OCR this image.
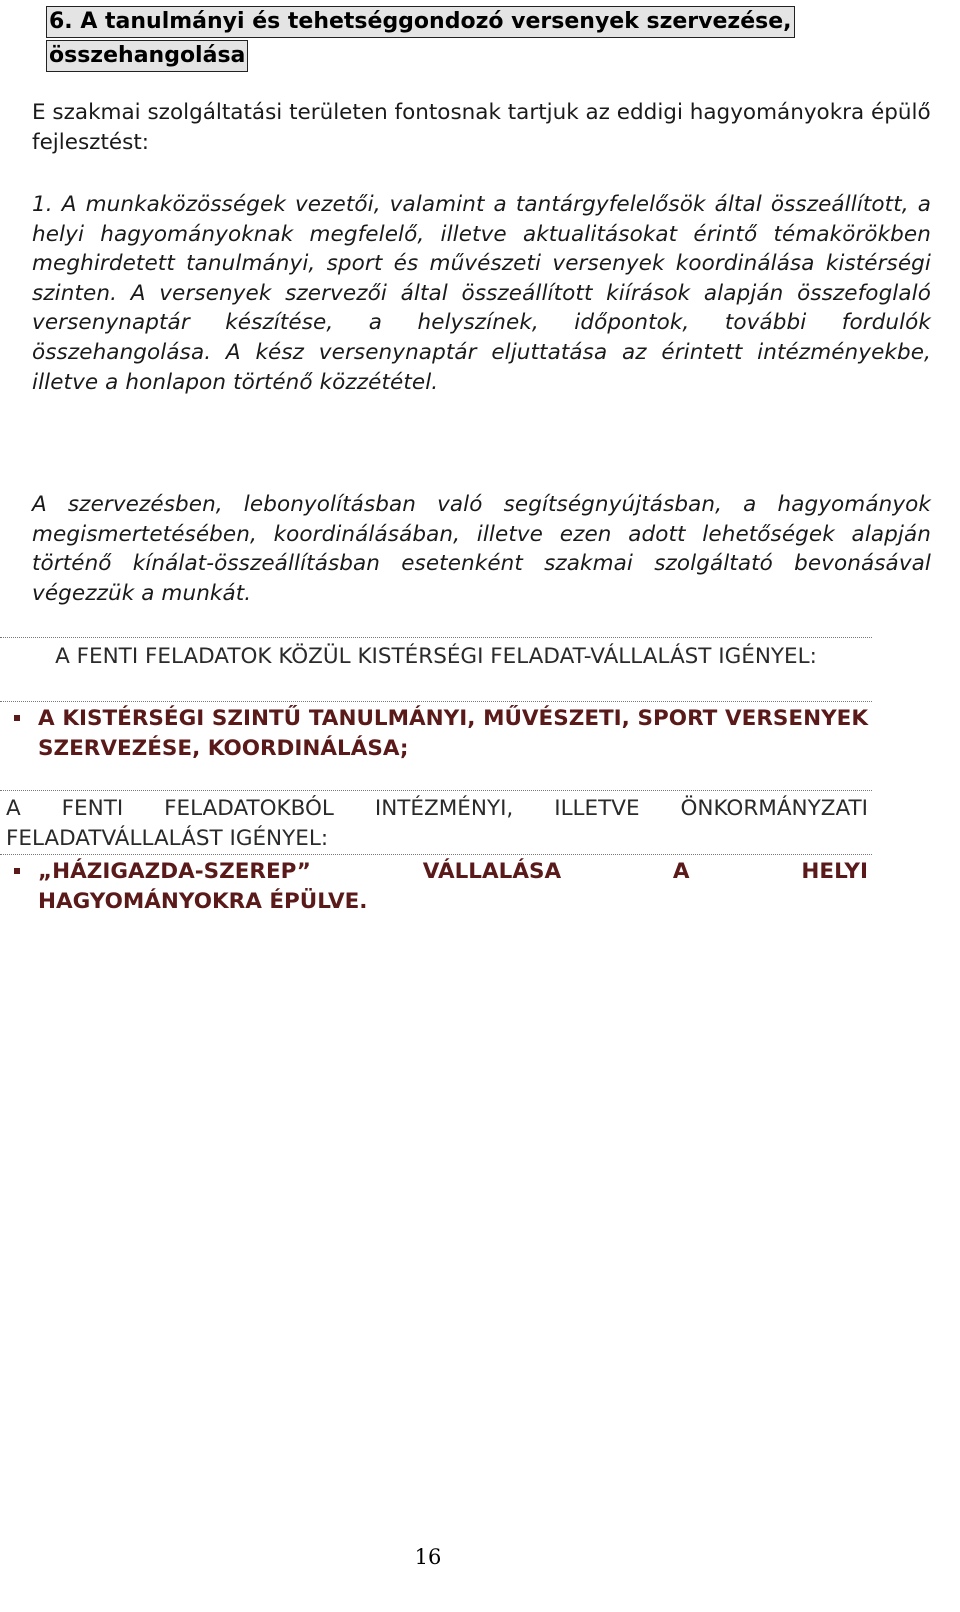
6. A tanulmányi és tehetséggondozó versenyek szervezése,
összehangolása
E szakmai szolgáltatási területen fontosnak tartjuk az eddigi hagyományokra épülő fejlesztést:
1. A munkaközösségek vezetői, valamint a tantárgyfelelősök által összeállított, a helyi hagyományoknak megfelelő, illetve aktualitásokat érintő témakörökben meghirdetett tanulmányi, sport és művészeti versenyek koordinálása kistérségi szinten. A versenyek szervezői által összeállított kiírások alapján összefoglaló versenynaptár készítése, a helyszínek, időpontok, további fordulók összehangolása. A kész versenynaptár eljuttatása az érintett intézményekbe, illetve a honlapon történő közzététel.
A szervezésben, lebonyolításban való segítségnyújtásban, a hagyományok megismertetésében, koordinálásában, illetve ezen adott lehetőségek alapján történő kínálat-összeállításban esetenként szakmai szolgáltató bevonásával végezzük a munkát.
A FENTI FELADATOK KÖZÜL KISTÉRSÉGI FELADAT-VÁLLALÁST IGÉNYEL:
A KISTÉRSÉGI SZINTŰ TANULMÁNYI, MŰVÉSZETI, SPORT VERSENYEK SZERVEZÉSE, KOORDINÁLÁSA;
A FENTI FELADATOKBÓL INTÉZMÉNYI, ILLETVE ÖNKORMÁNYZATI
FELADATVÁLLALÁST IGÉNYEL:
„HÁZIGAZDA-SZEREP” VÁLLALÁSA A HELYI
HAGYOMÁNYOKRA ÉPÜLVE.
16
